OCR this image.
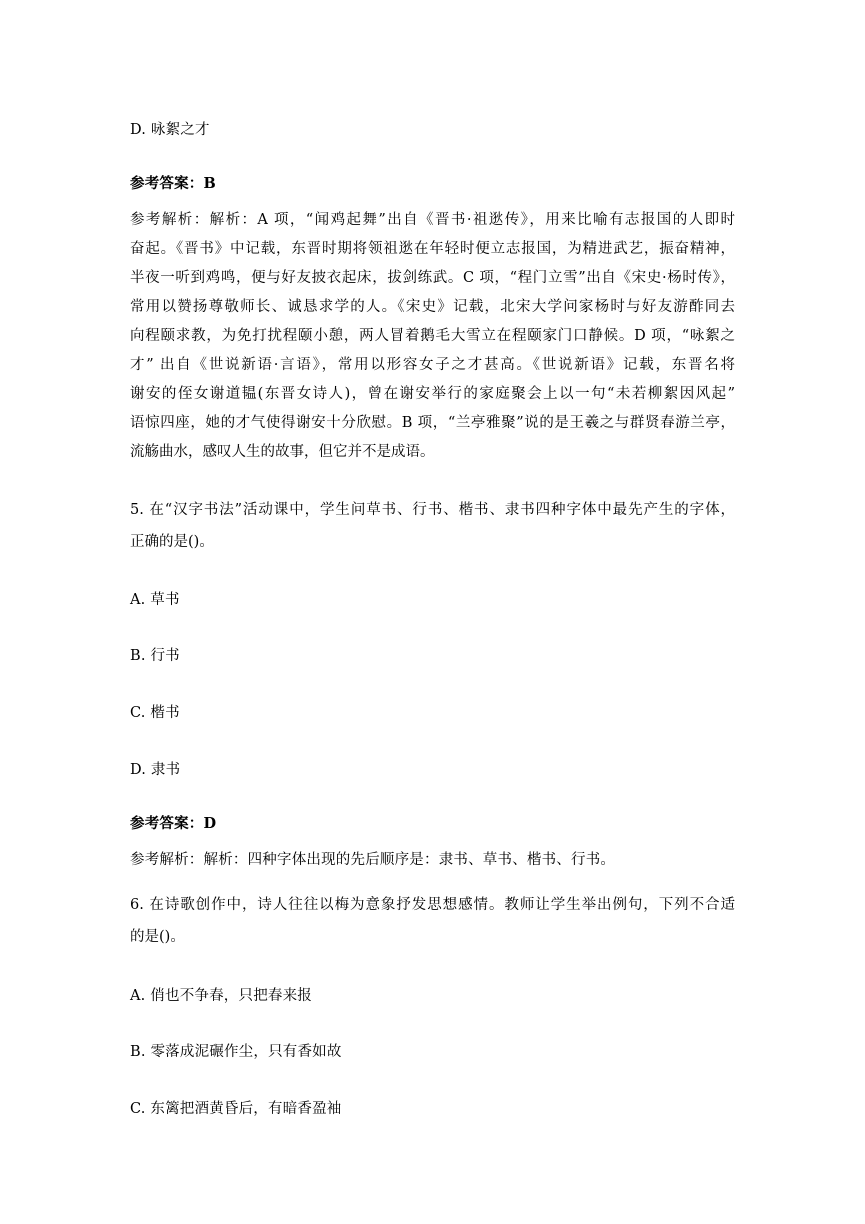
D. 咏絮之才
参考答案：B
参考解析：解析：A 项，“闻鸡起舞”出自《晋书·祖逖传》，用来比喻有志报国的人即时
奋起。《晋书》中记载，东晋时期将领祖逖在年轻时便立志报国，为精进武艺，振奋精神，
半夜一听到鸡鸣，便与好友披衣起床，拔剑练武。C 项，“程门立雪”出自《宋史·杨时传》，
常用以赞扬尊敬师长、诚恳求学的人。《宋史》记载，北宋大学问家杨时与好友游酢同去
向程颐求教，为免打扰程颐小憩，两人冒着鹅毛大雪立在程颐家门口静候。D 项，“咏絮之
才” 出自《世说新语·言语》，常用以形容女子之才甚高。《世说新语》记载，东晋名将
谢安的侄女谢道韫(东晋女诗人)，曾在谢安举行的家庭聚会上以一句“未若柳絮因风起”
语惊四座，她的才气使得谢安十分欣慰。B 项，“兰亭雅聚”说的是王羲之与群贤春游兰亭，
流觞曲水，感叹人生的故事，但它并不是成语。
5. 在“汉字书法”活动课中，学生问草书、行书、楷书、隶书四种字体中最先产生的字体，
正确的是()。
A. 草书
B. 行书
C. 楷书
D. 隶书
参考答案：D
参考解析：解析：四种字体出现的先后顺序是：隶书、草书、楷书、行书。
6. 在诗歌创作中，诗人往往以梅为意象抒发思想感情。教师让学生举出例句，下列不合适
的是()。
A. 俏也不争春，只把春来报
B. 零落成泥碾作尘，只有香如故
C. 东篱把酒黄昏后，有暗香盈袖
